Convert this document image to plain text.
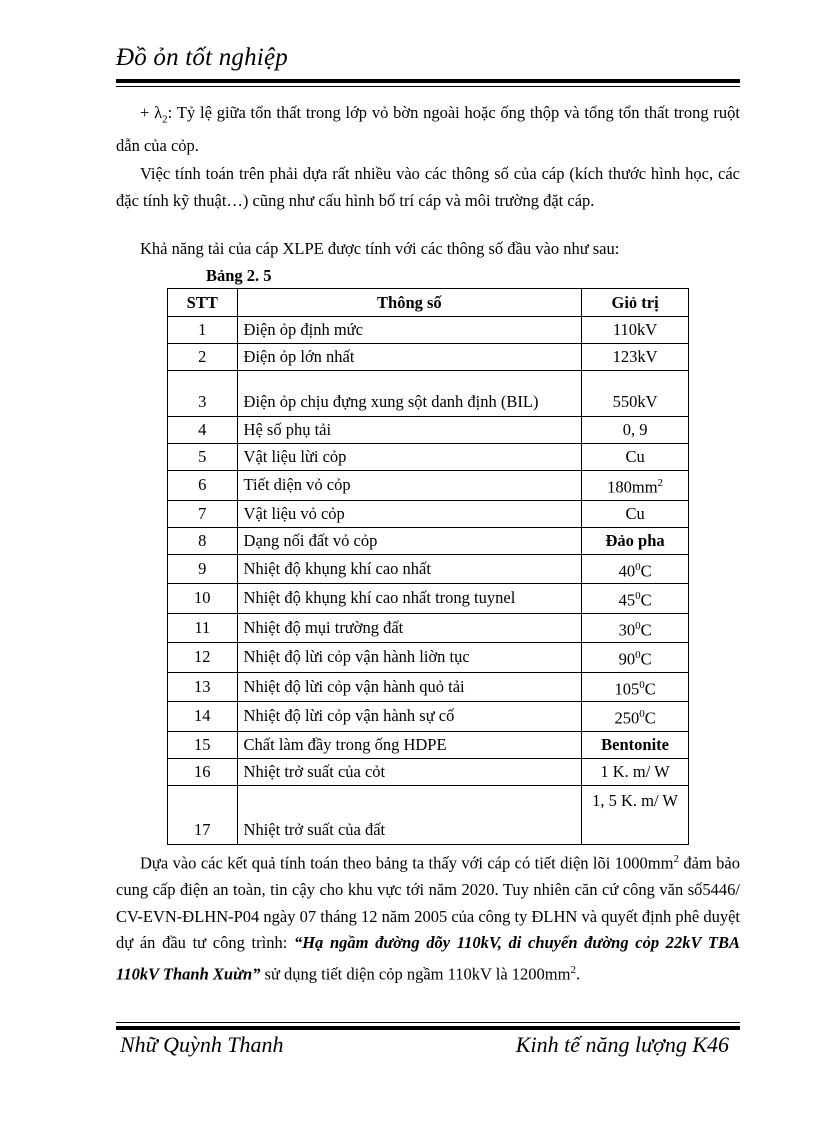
Đồ ỏn tốt nghiệp

+ $\lambda_2$: Tỷ lệ giữa tổn thất trong lớp vỏ bờn ngoài hoặc ống thộp và tổng tổn thất trong ruột dẫn của cỏp.

Việc tính toán trên phải dựa rất nhiều vào các thông số của cáp (kích thước hình học, các đặc tính kỹ thuật…) cũng như cấu hình bố trí cáp và môi trường đặt cáp.

Khả năng tải của cáp XLPE được tính với các thông số đầu vào như sau:

Bảng 2. 5
STT	Thông số	Giỏ trị
1	Điện ỏp định mức	110kV
2	Điện ỏp lớn nhất	123kV
3	Điện ỏp chịu đựng xung sột danh định (BIL)	550kV
4	Hệ số phụ tải	0, 9
5	Vật liệu lừi cỏp	Cu
6	Tiết diện vỏ cỏp	$180mm^2$
7	Vật liệu vỏ cỏp	Cu
8	Dạng nối đất vỏ cỏp	Đảo pha
9	Nhiệt độ khụng khí cao nhất	$40^0C$
10	Nhiệt độ khụng khí cao nhất trong tuynel	$45^0C$
11	Nhiệt độ mụi trường đất	$30^0C$
12	Nhiệt độ lừi cỏp vận hành liờn tục	$90^0C$
13	Nhiệt độ lừi cỏp vận hành quỏ tải	$105^0C$
14	Nhiệt độ lừi cỏp vận hành sự cố	$250^0C$
15	Chất làm đầy trong ống HDPE	Bentonite
16	Nhiệt trở suất của cỏt	1 K. m/ W
17	Nhiệt trở suất của đất	1, 5 K. m/ W

Dựa vào các kết quả tính toán theo bảng ta thấy với cáp có tiết diện lõi $1000mm^2$ đảm bảo cung cấp điện an toàn, tin cậy cho khu vực tới năm 2020. Tuy nhiên căn cứ công văn số5446/ CV-EVN-ĐLHN-P04 ngày 07 tháng 12 năm 2005 của công ty ĐLHN và quyết định phê duyệt dự án đầu tư công trình: “Hạ ngầm đường dõy 110kV, di chuyển đường cỏp 22kV TBA 110kV Thanh Xuừn” sử dụng tiết diện cỏp ngầm 110kV là $1200mm^2$.

Nhữ Quỳnh Thanh	Kinh tế năng lượng K46
